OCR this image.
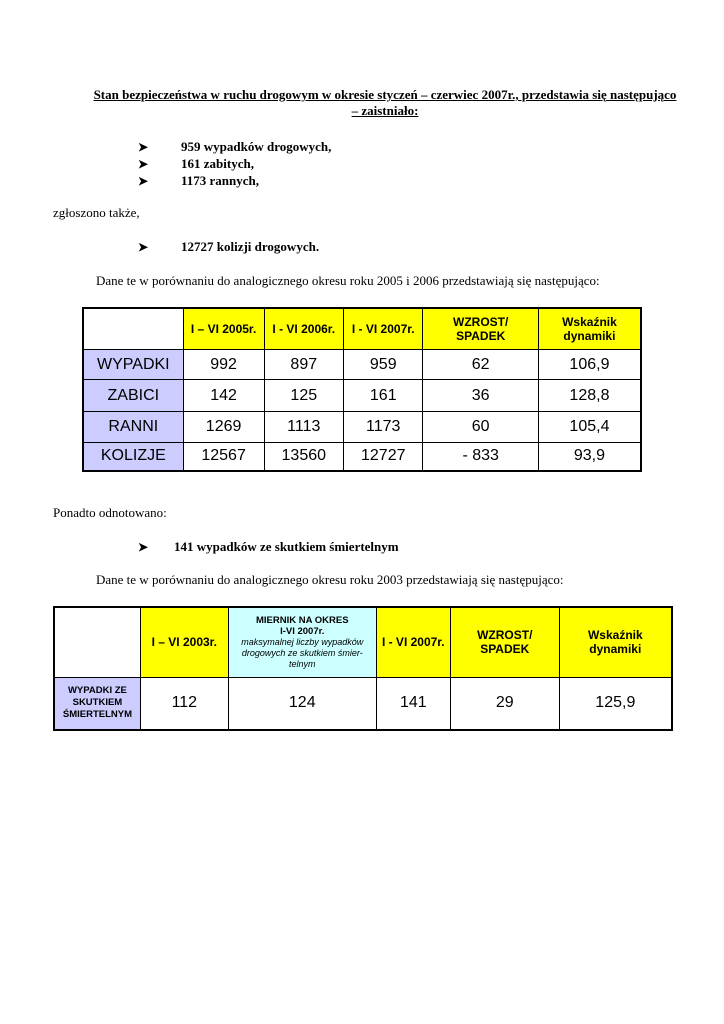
Stan bezpieczeństwa w ruchu drogowym w okresie styczeń – czerwiec 2007r., przedstawia się następująco – zaistniało:
➤	959 wypadków drogowych,
➤	161 zabitych,
➤	1173 rannych,
zgłoszono także,
➤	12727 kolizji drogowych.
Dane te w porównaniu do analogicznego okresu roku 2005 i 2006 przedstawiają się następująco:
	I – VI 2005r.	I - VI 2006r.	I - VI 2007r.	WZROST/ SPADEK	Wskaźnik dynamiki
WYPADKI	992	897	959	62	106,9
ZABICI	142	125	161	36	128,8
RANNI	1269	1113	1173	60	105,4
KOLIZJE	12567	13560	12727	- 833	93,9
Ponadto odnotowano:
➤ 141 wypadków ze skutkiem śmiertelnym
Dane te w porównaniu do analogicznego okresu roku 2003 przedstawiają się następująco:
	I – VI 2003r.	MIERNIK NA OKRES
I-VI 2007r.
maksymalnej liczby wypadków drogowych ze skutkiem śmier-telnym	I - VI 2007r.	WZROST/ SPADEK	Wskaźnik dynamiki
WYPADKI ZE SKUTKIEM ŚMIERTELNYM	112	124	141	29	125,9
